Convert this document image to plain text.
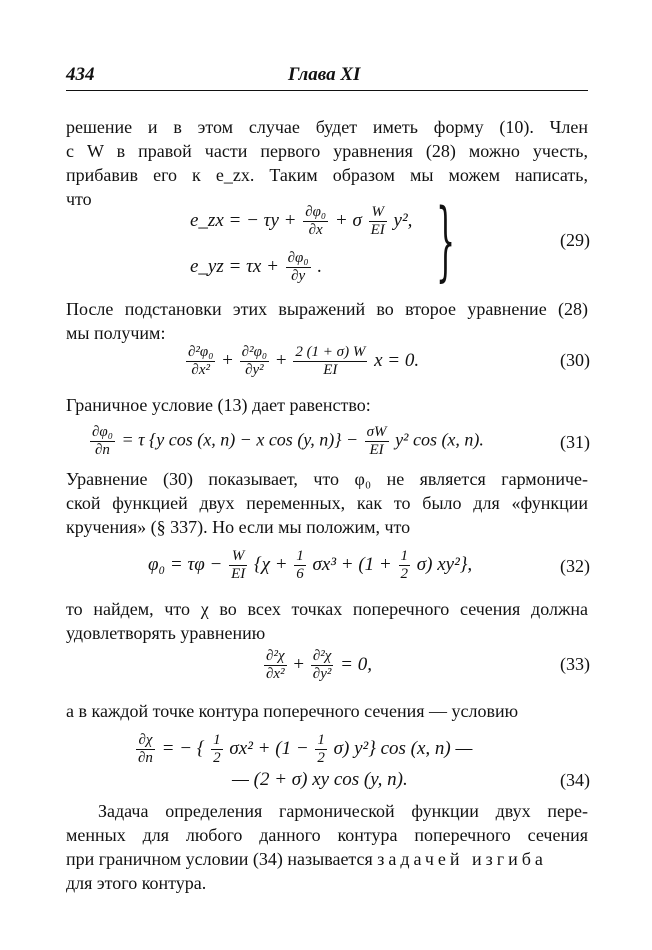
434	Глава XI
решение и в этом случае будет иметь форму (10). Член
с W в правой части первого уравнения (28) можно учесть,
прибавив его к e_zx. Таким образом мы можем написать,
что
e_zx = − $\tau y + \frac{\text{∂φ₀}}{\partial x} + \sigma \frac{W}{EI} y^2$,
e_yz = $\tau x + \frac{\text{∂φ₀}}{\partial y}$ . }	(29)
После подстановки этих выражений во второе уравнение (28)
мы получим:
$\frac{\text{∂²φ₀}}{\text{∂x²}} + \frac{\text{∂²φ₀}}{\text{∂y²}} + \frac{2 (1 + \sigma) W}{EI}$ x = 0.	(30)
Граничное условие (13) дает равенство:
$\frac{\text{∂φ₀}}{\partial n} = \tau$ {y cos (x, n) − x cos (y, $n)\} - \frac{\sigma W}{EI} y^2$ cos (x, n).	(31)
Уравнение (30) показывает, что φ₀ не является гармониче-
ской функцией двух переменных, как то было для «функции
кручения» (§ 337). Но если мы положим, что
$\varphi_0 = \tau\varphi - \frac{W}{EI} \{\chi + \frac{1}{6} \sigma x^3 + (1 + \frac{1}{2} \sigma)$ xy²},	(32)
то найдем, что χ во всех точках поперечного сечения должна
удовлетворять уравнению
$\frac{\text{∂²χ}}{\text{∂x²}} + \frac{\text{∂²χ}}{\text{∂y²}} = 0$,	(33)
а в каждой точке контура поперечного сечения — условию
$\frac{\partial\chi}{\partial n}$ = − { $\frac{1}{2} \sigma x^2 + (1 - \frac{1}{2} \sigma)$ y²} cos (x, n) —
— (2 + σ) xy cos (y, n).	(34)
Задача определения гармонической функции двух пере-
менных для любого данного контура поперечного сечения
при граничном условии (34) называется задачей изгиба
для этого контура.
